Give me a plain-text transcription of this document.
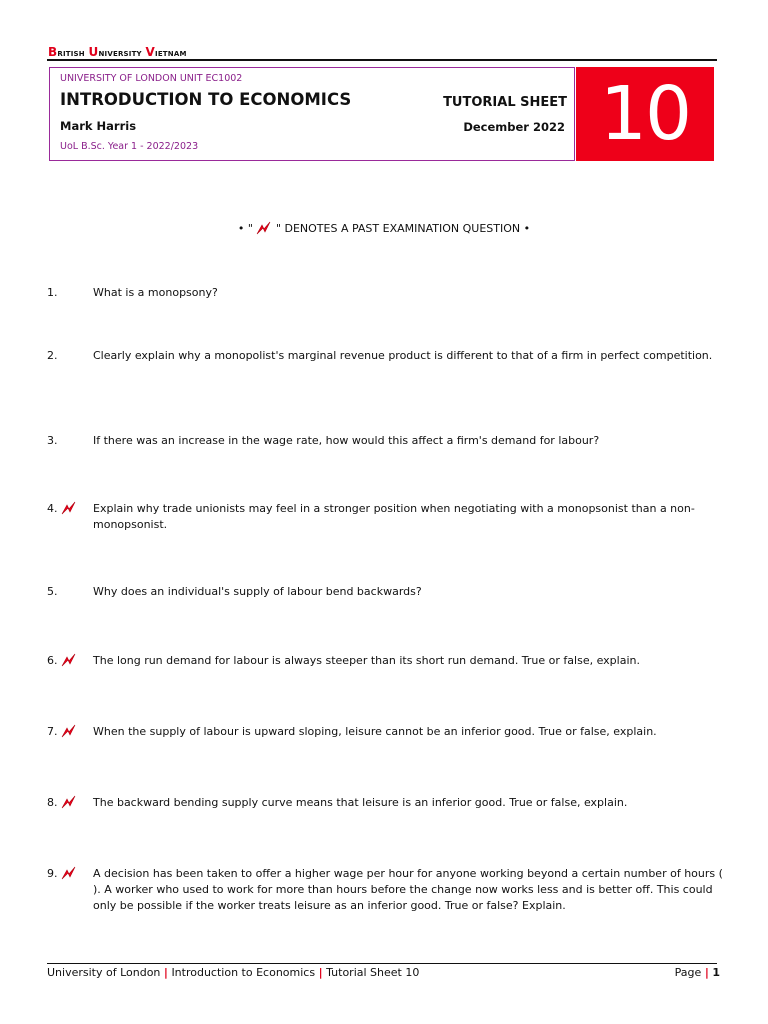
British University Vietnam
UNIVERSITY OF LONDON UNIT EC1002
INTRODUCTION TO ECONOMICS
Mark Harris
UoL B.Sc. Year 1 - 2022/2023
TUTORIAL SHEET
December 2022 10
• " " DENOTES A PAST EXAMINATION QUESTION •
1.	What is a monopsony?
2.	Clearly explain why a monopolist's marginal revenue product is different to that of a firm in perfect competition.
3.	If there was an increase in the wage rate, how would this affect a firm's demand for labour?
4.	Explain why trade unionists may feel in a stronger position when negotiating with a monopsonist than a non-monopsonist.
5.	Why does an individual's supply of labour bend backwards?
6.	The long run demand for labour is always steeper than its short run demand. True or false, explain.
7.	When the supply of labour is upward sloping, leisure cannot be an inferior good. True or false, explain.
8.	The backward bending supply curve means that leisure is an inferior good. True or false, explain.
9.	A decision has been taken to offer a higher wage per hour for anyone working beyond a certain number of hours ( ). A worker who used to work for more than hours before the change now works less and is better off. This could only be possible if the worker treats leisure as an inferior good. True or false? Explain.
University of London | Introduction to Economics | Tutorial Sheet 10	Page | 1
